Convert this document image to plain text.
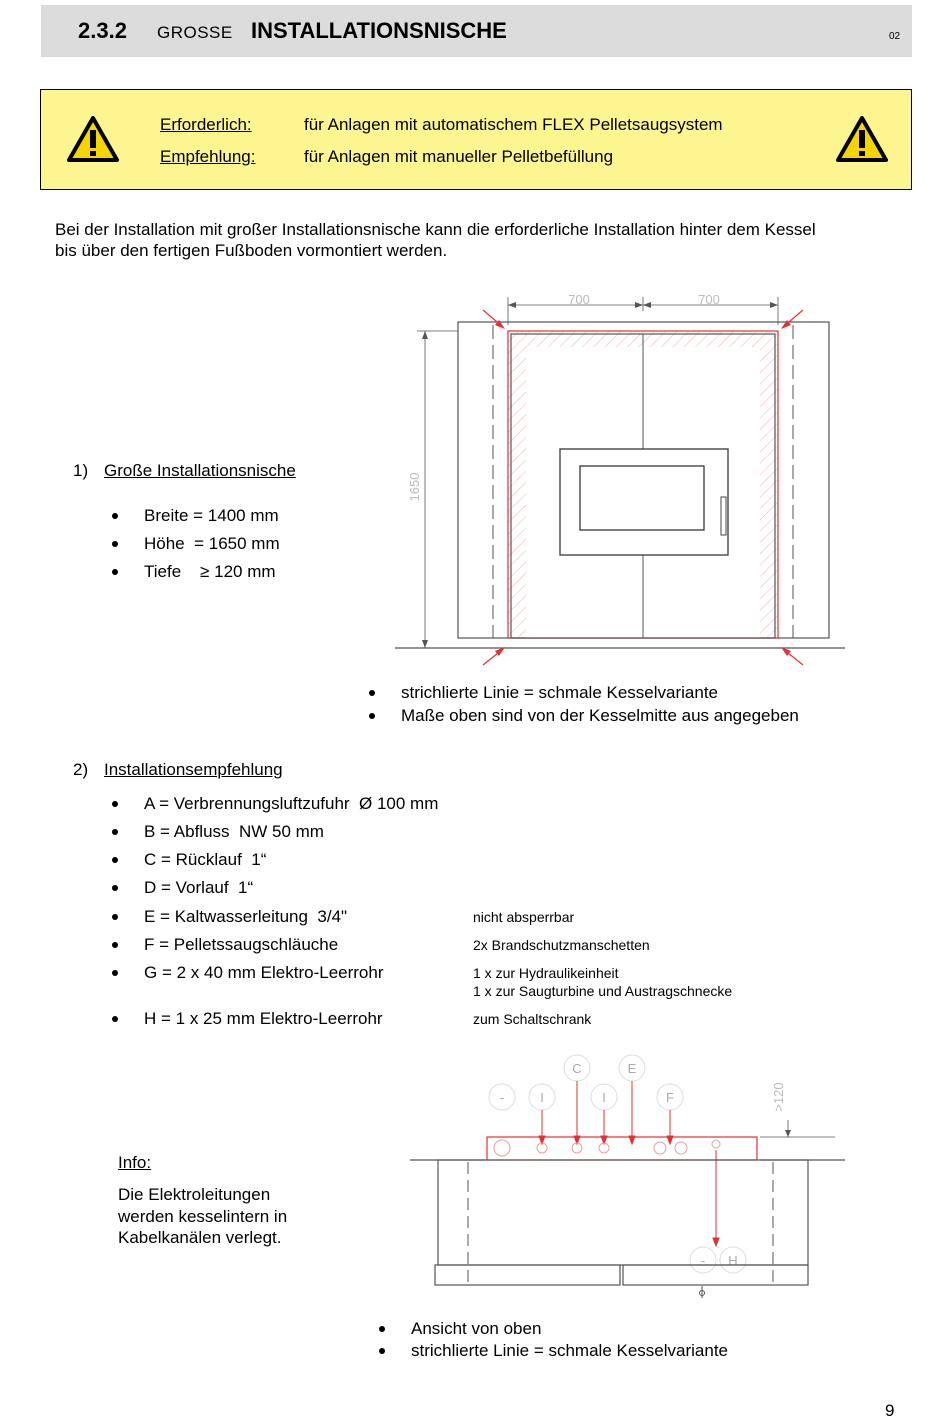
2.3.2 GROSSE INSTALLATIONSNISCHE	02
Erforderlich:	für Anlagen mit automatischem FLEX Pelletsaugsystem
Empfehlung:	für Anlagen mit manueller Pelletbefüllung
Bei der Installation mit großer Installationsnische kann die erforderliche Installation hinter dem Kessel
bis über den fertigen Fußboden vormontiert werden.
1) Große Installationsnische
Breite = 1400 mm
Höhe  = 1650 mm
Tiefe    ≥ 120 mm
700	700
1650
strichlierte Linie = schmale Kesselvariante
Maße oben sind von der Kesselmitte aus angegeben
2) Installationsempfehlung
A = Verbrennungsluftzufuhr  Ø 100 mm
B = Abfluss  NW 50 mm
C = Rücklauf  1“
D = Vorlauf  1“
E = Kaltwasserleitung  3/4"	nicht absperrbar
F = Pelletssaugschläuche	2x Brandschutzmanschetten
G = 2 x 40 mm Elektro-Leerrohr	1 x zur Hydraulikeinheit
1 x zur Saugturbine und Austragschnecke
H = 1 x 25 mm Elektro-Leerrohr	zum Schaltschrank
-	I
C
I
E
F
- H
>120
Info:
Die Elektroleitungen
werden kesselintern in
Kabelkanälen verlegt.
Ansicht von oben
strichlierte Linie = schmale Kesselvariante
9
